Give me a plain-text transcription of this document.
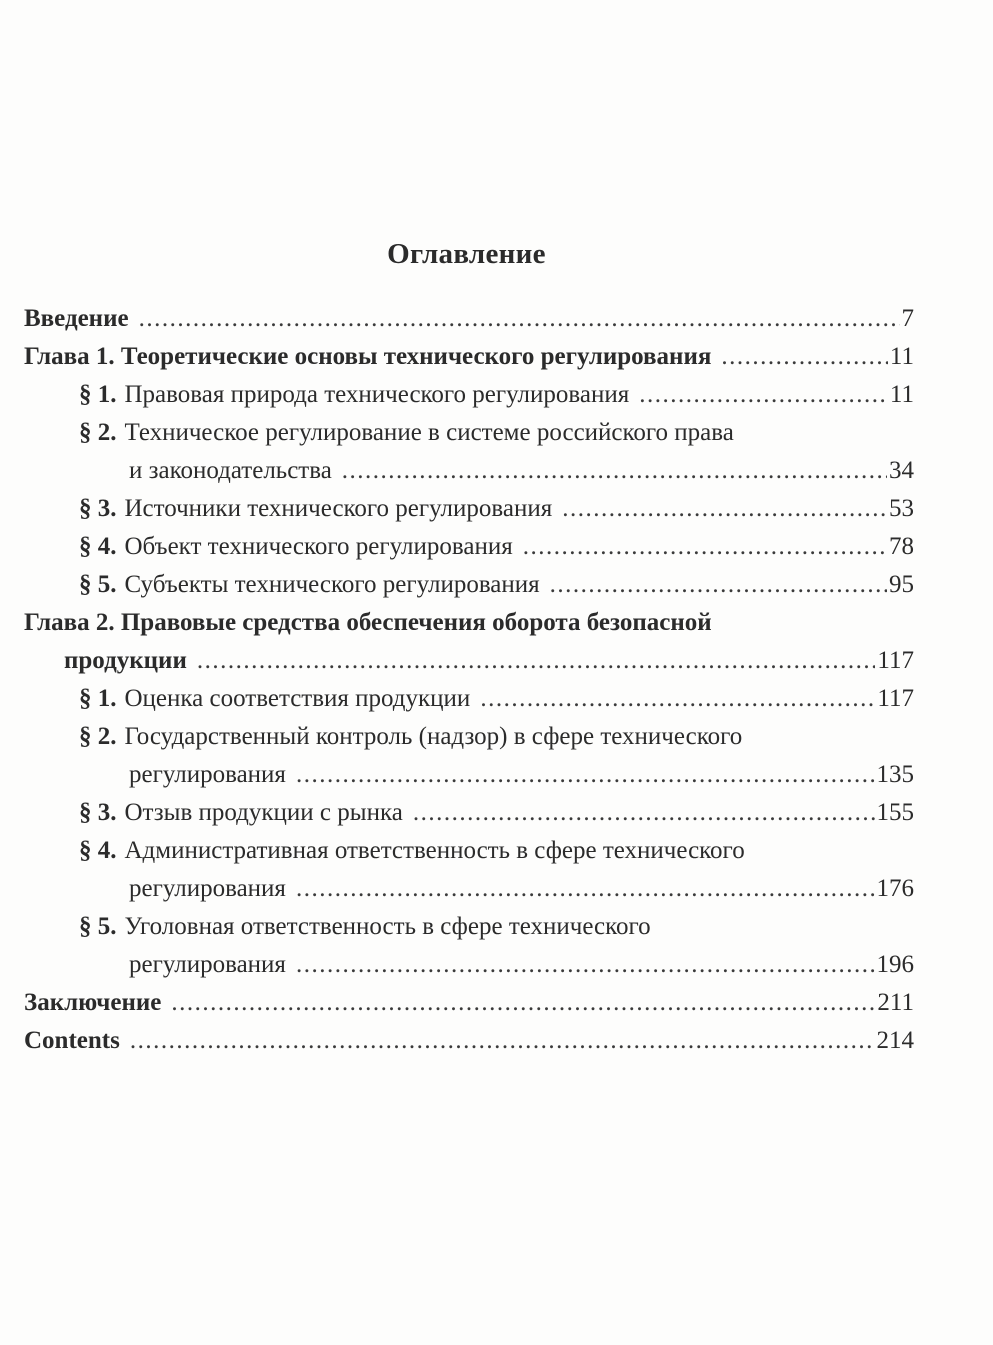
Оглавление
Введение .....	7
Глава 1. Теоретические основы технического регулирования .....	11
§ 1. Правовая природа технического регулирования .....	11
§ 2. Техническое регулирование в системе российского права
и законодательства .....	34
§ 3. Источники технического регулирования .....	53
§ 4. Объект технического регулирования .....	78
§ 5. Субъекты технического регулирования .....	95
Глава 2. Правовые средства обеспечения оборота безопасной
продукции .....	117
§ 1. Оценка соответствия продукции .....	117
§ 2. Государственный контроль (надзор) в сфере технического
регулирования .....	135
§ 3. Отзыв продукции с рынка .....	155
§ 4. Административная ответственность в сфере технического
регулирования .....	176
§ 5. Уголовная ответственность в сфере технического
регулирования .....	196
Заключение .....	211
Contents .....	214
